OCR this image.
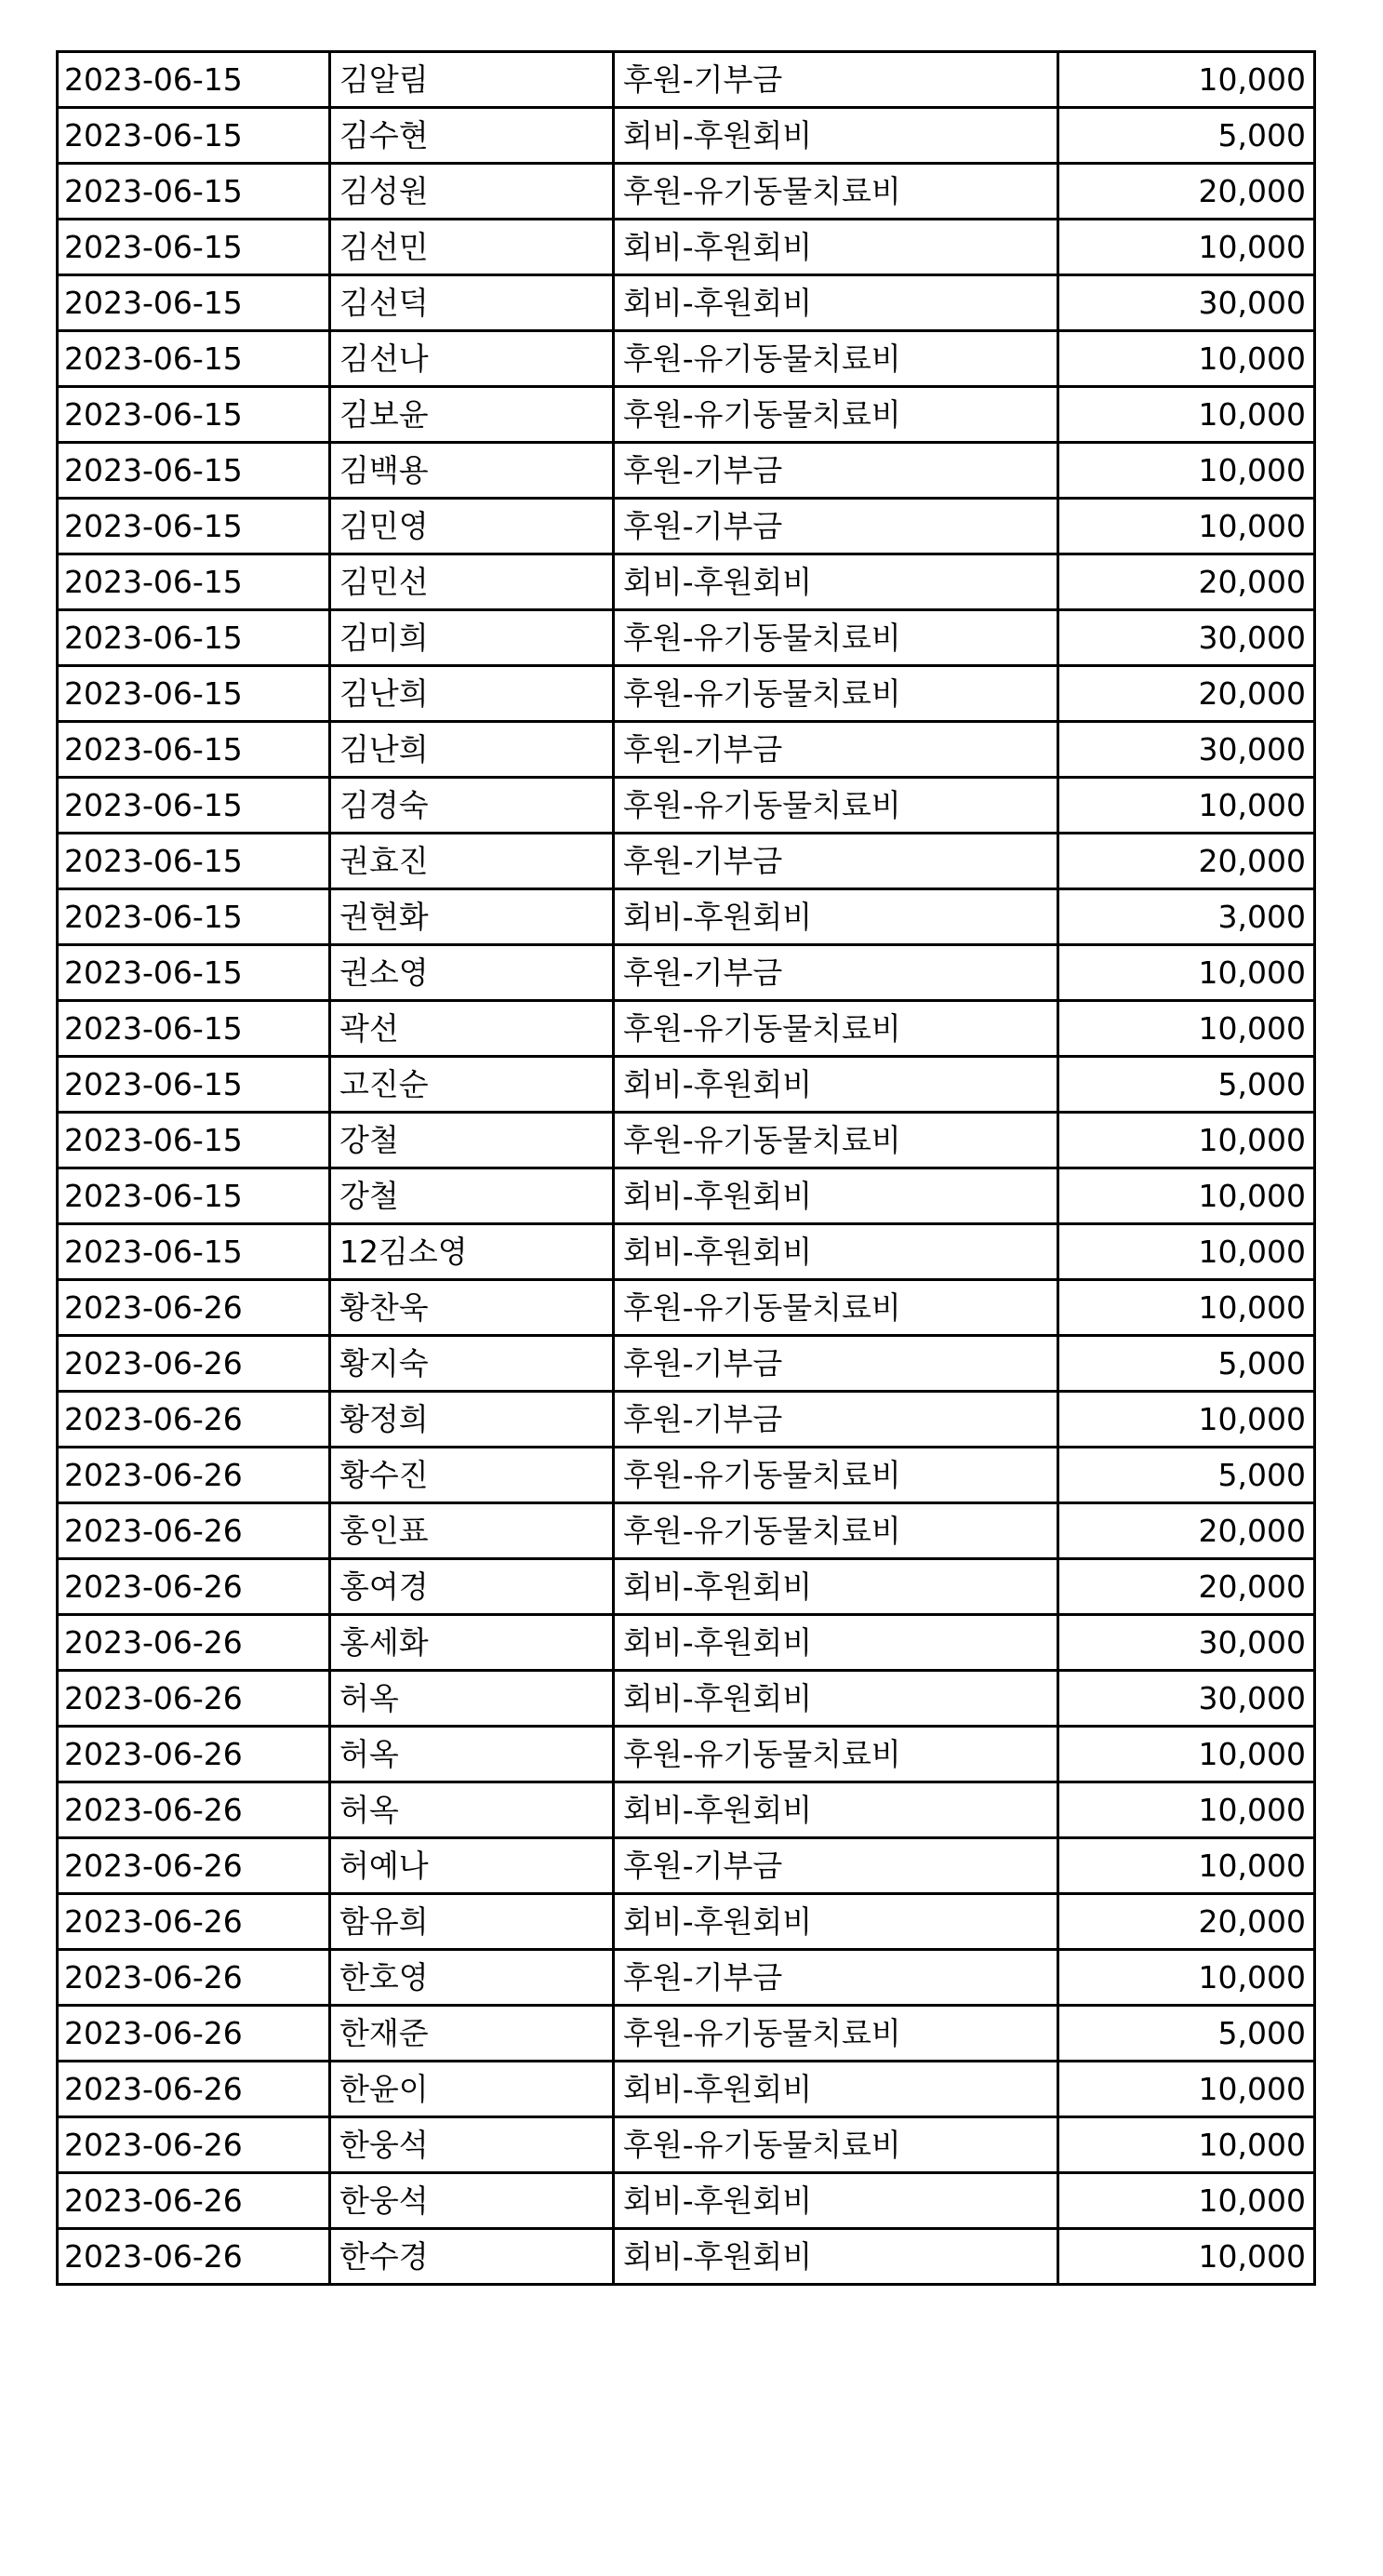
2023-06-15	김알림	후원-기부금	10,000
2023-06-15	김수현	회비-후원회비	5,000
2023-06-15	김성원	후원-유기동물치료비	20,000
2023-06-15	김선민	회비-후원회비	10,000
2023-06-15	김선덕	회비-후원회비	30,000
2023-06-15	김선나	후원-유기동물치료비	10,000
2023-06-15	김보윤	후원-유기동물치료비	10,000
2023-06-15	김백용	후원-기부금	10,000
2023-06-15	김민영	후원-기부금	10,000
2023-06-15	김민선	회비-후원회비	20,000
2023-06-15	김미희	후원-유기동물치료비	30,000
2023-06-15	김난희	후원-유기동물치료비	20,000
2023-06-15	김난희	후원-기부금	30,000
2023-06-15	김경숙	후원-유기동물치료비	10,000
2023-06-15	권효진	후원-기부금	20,000
2023-06-15	권현화	회비-후원회비	3,000
2023-06-15	권소영	후원-기부금	10,000
2023-06-15	곽선	후원-유기동물치료비	10,000
2023-06-15	고진순	회비-후원회비	5,000
2023-06-15	강철	후원-유기동물치료비	10,000
2023-06-15	강철	회비-후원회비	10,000
2023-06-15	12김소영	회비-후원회비	10,000
2023-06-26	황찬욱	후원-유기동물치료비	10,000
2023-06-26	황지숙	후원-기부금	5,000
2023-06-26	황정희	후원-기부금	10,000
2023-06-26	황수진	후원-유기동물치료비	5,000
2023-06-26	홍인표	후원-유기동물치료비	20,000
2023-06-26	홍여경	회비-후원회비	20,000
2023-06-26	홍세화	회비-후원회비	30,000
2023-06-26	허옥	회비-후원회비	30,000
2023-06-26	허옥	후원-유기동물치료비	10,000
2023-06-26	허옥	회비-후원회비	10,000
2023-06-26	허예나	후원-기부금	10,000
2023-06-26	함유희	회비-후원회비	20,000
2023-06-26	한호영	후원-기부금	10,000
2023-06-26	한재준	후원-유기동물치료비	5,000
2023-06-26	한윤이	회비-후원회비	10,000
2023-06-26	한웅석	후원-유기동물치료비	10,000
2023-06-26	한웅석	회비-후원회비	10,000
2023-06-26	한수경	회비-후원회비	10,000
